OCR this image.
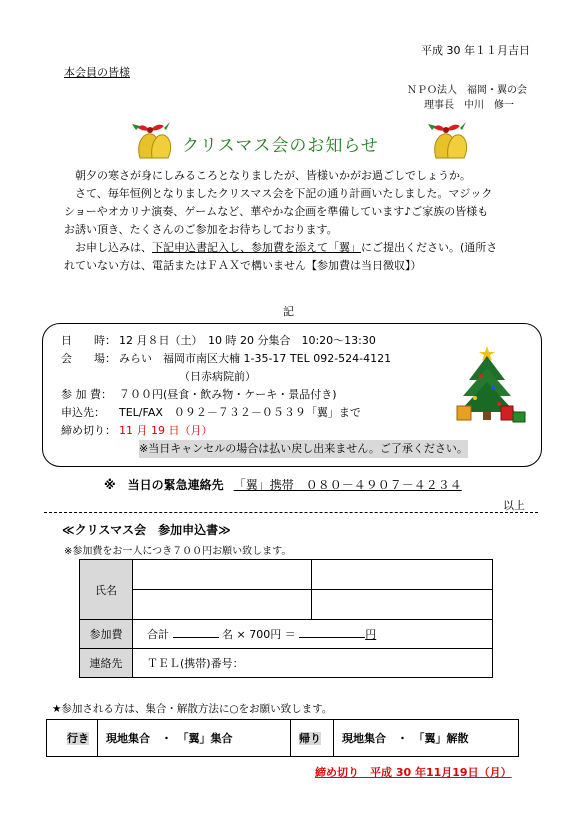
平成 30 年１１月吉日
本会員の皆様
ＮＰＯ法人　福岡・翼の会
理事長　中川　修一
クリスマス会のお知らせ

朝夕の寒さが身にしみるころとなりましたが、皆様いかがお過ごしでしょうか。

さて、毎年恒例となりましたクリスマス会を下記の通り計画いたしました。マジック

ショーやオカリナ演奏、ゲームなど、華やかな企画を準備しています♪ご家族の皆様も

お誘い頂き、たくさんのご参加をお待ちしております。

お申し込みは、下記申込書記入し、参加費を添えて「翼」にご提出ください。(通所さ

れていない方は、電話またはＦＡＸで構いません【参加費は当日徴収】）

記
日　　時： 12 月８日（土）　10 時 20 分集合　10:20～13:30
会　　場： みらい　福岡市南区大楠 1-35-17 TEL 092-524-4121
（日赤病院前）
参 加 費： ７００円(昼食・飲み物・ケーキ・景品付き)
申込先：	TEL/FAX　０９２－７３２－０５３９「翼」まで
締め切り： 11 月 19 日（月）
※当日キャンセルの場合は払い戻し出来ません。ご了承ください。
※ 当日の緊急連絡先 「翼」携帯　０８０－４９０７－４２３４
以上
≪クリスマス会　参加申込書≫
※参加費をお一人につき７００円お願い致します。
氏名		

参加費	合計 名 × 700円 ＝ 円	
連絡先	ＴＥＬ(携帯)番号：	
★参加される方は、集合・解散方法に○をお願い致します。
行き	現地集合　・　「翼」集合	帰り	現地集合　・　「翼」解散
締め切り　平成 30 年11月19日（月）
